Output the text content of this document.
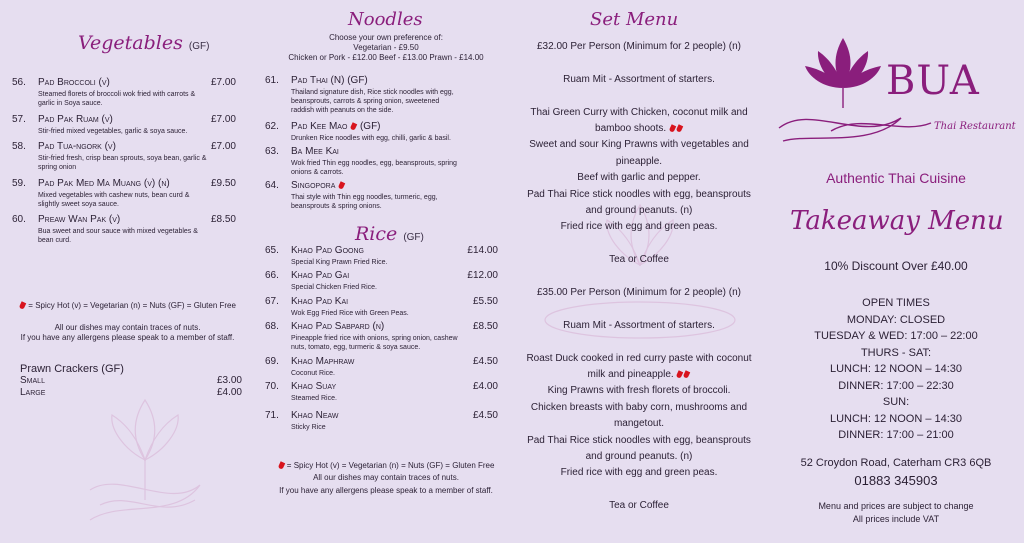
Vegetables (GF)
56. Pad Broccoli (v)	£7.00
Steamed florets of broccoli wok fried with carrots & garlic in Soya sauce.
57. Pad Pak Ruam (v)	£7.00
Stir-fried mixed vegetables, garlic & soya sauce.
58. Pad Tua-ngork (v)	£7.00
Stir-fried fresh, crisp bean sprouts, soya bean, garlic & spring onion
59. Pad Pak Med Ma Muang (v) (n)	£9.50
Mixed vegetables with cashew nuts, bean curd & slightly sweet soya sauce.
60. Preaw Wan Pak (v)	£8.50
Bua sweet and sour sauce with mixed vegetables & bean curd.
= Spicy Hot (v) = Vegetarian (n) = Nuts (GF) = Gluten Free
All our dishes may contain traces of nuts.
If you have any allergens please speak to a member of staff.
Prawn Crackers (GF)
Small	£3.00
Large	£4.00
Noodles
Choose your own preference of:
Vegetarian - £9.50
Chicken or Pork - £12.00 Beef - £13.00 Prawn - £14.00
61. Pad Thai (N) (GF)
Thailand signature dish, Rice stick noodles with egg, beansprouts, carrots & spring onion, sweetened raddish with peanuts on the side.
62. Pad Kee Mao  (GF)
Drunken Rice noodles with egg, chilli, garlic & basil.
63. Ba Mee Kai
Wok fried Thin egg noodles, egg, beansprouts, spring onions & carrots.
64. Singopora
Thai style with Thin egg noodles, turmeric, egg, beansprouts & spring onions.
Rice (GF)
65. Khao Pad Goong	£14.00
Special King Prawn Fried Rice.
66. Khao Pad Gai	£12.00
Special Chicken Fried Rice.
67. Khao Pad Kai	£5.50
Wok Egg Fried Rice with Green Peas.
68. Khao Pad Sabpard (n)	£8.50
Pineapple fried rice with onions, spring onion, cashew nuts, tomato, egg, turmeric & soya sauce.
69. Khao Maphraw	£4.50
Coconut Rice.
70. Khao Suay	£4.00
Steamed Rice.
71. Khao Neaw	£4.50
Sticky Rice
= Spicy Hot (v) = Vegetarian (n) = Nuts (GF) = Gluten Free
All our dishes may contain traces of nuts.
If you have any allergens please speak to a member of staff.
Set Menu
£32.00 Per Person (Minimum for 2 people) (n)
Ruam Mit - Assortment of starters.
Thai Green Curry with Chicken, coconut milk and
bamboo shoots.
Sweet and sour King Prawns with vegetables and
pineapple.
Beef with garlic and pepper.
Pad Thai Rice stick noodles with egg, beansprouts
and ground peanuts. (n)
Fried rice with egg and green peas.
Tea or Coffee
£35.00 Per Person (Minimum for 2 people) (n)
Ruam Mit - Assortment of starters.
Roast Duck cooked in red curry paste with coconut
milk and pineapple.
King Prawns with fresh florets of broccoli.
Chicken breasts with baby corn, mushrooms and
mangetout.
Pad Thai Rice stick noodles with egg, beansprouts
and ground peanuts. (n)
Fried rice with egg and green peas.
Tea or Coffee
BUA
Thai Restaurant
Authentic Thai Cuisine
Takeaway Menu
10% Discount Over £40.00
OPEN TIMES
MONDAY: CLOSED
TUESDAY & WED: 17:00 – 22:00
THURS - SAT:
LUNCH: 12 NOON – 14:30
DINNER: 17:00 – 22:30
SUN:
LUNCH: 12 NOON – 14:30
DINNER: 17:00 – 21:00
52 Croydon Road, Caterham CR3 6QB
01883 345903
Menu and prices are subject to change
All prices include VAT
